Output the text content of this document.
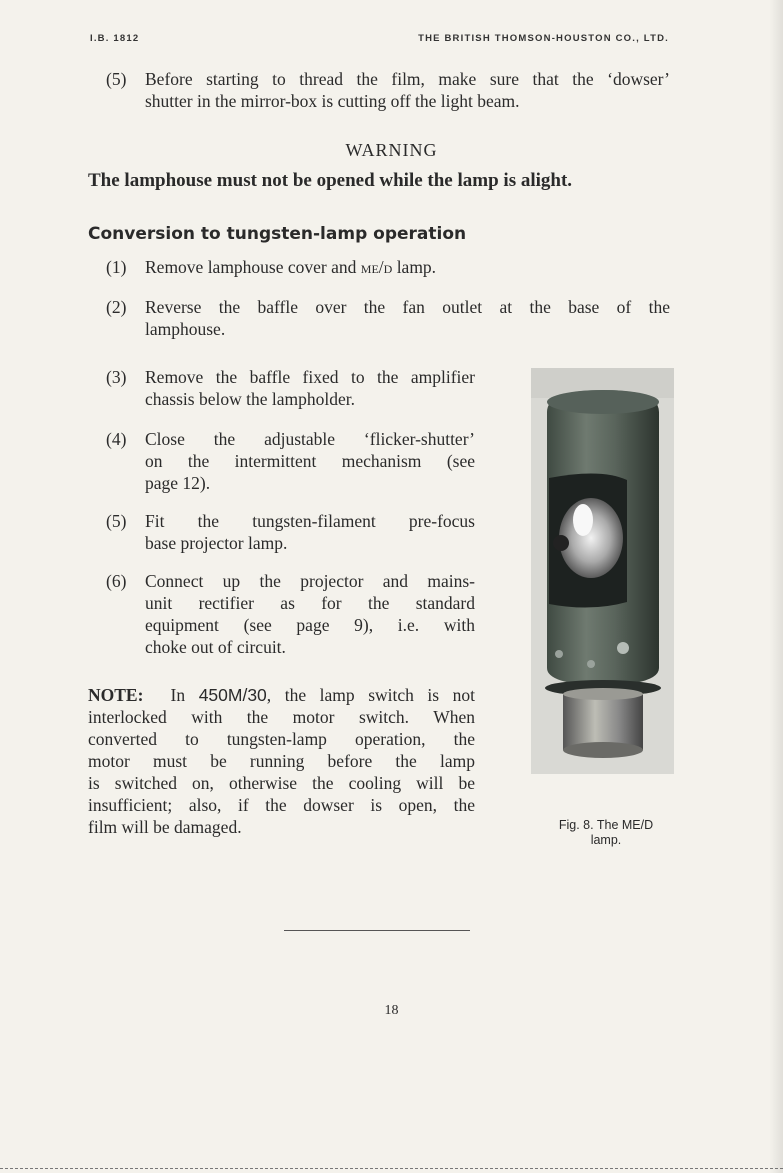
I.B. 1812	THE BRITISH THOMSON-HOUSTON CO., LTD.
(5) Before starting to thread the film, make sure that the ‘dowser’
shutter in the mirror-box is cutting off the light beam.
WARNING
The lamphouse must not be opened while the lamp is alight.
Conversion to tungsten-lamp operation
(1) Remove lamphouse cover and me/d lamp.
(2) Reverse the baffle over the fan outlet at the base of the
lamphouse.
(3) Remove the baffle fixed to the amplifier
chassis below the lampholder.
(4) Close the adjustable ‘flicker-shutter’
on the intermittent mechanism (see
page 12).
(5) Fit the tungsten-filament pre-focus
base projector lamp.
(6) Connect up the projector and mains-
unit rectifier as for the standard
equipment (see page 9), i.e. with
choke out of circuit.
NOTE: In 450M/30, the lamp switch is not
interlocked with the motor switch. When
converted to tungsten-lamp operation, the
motor must be running before the lamp
is switched on, otherwise the cooling will be
insufficient; also, if the dowser is open, the
film will be damaged.	Fig. 8. The ME/D
lamp.
18
